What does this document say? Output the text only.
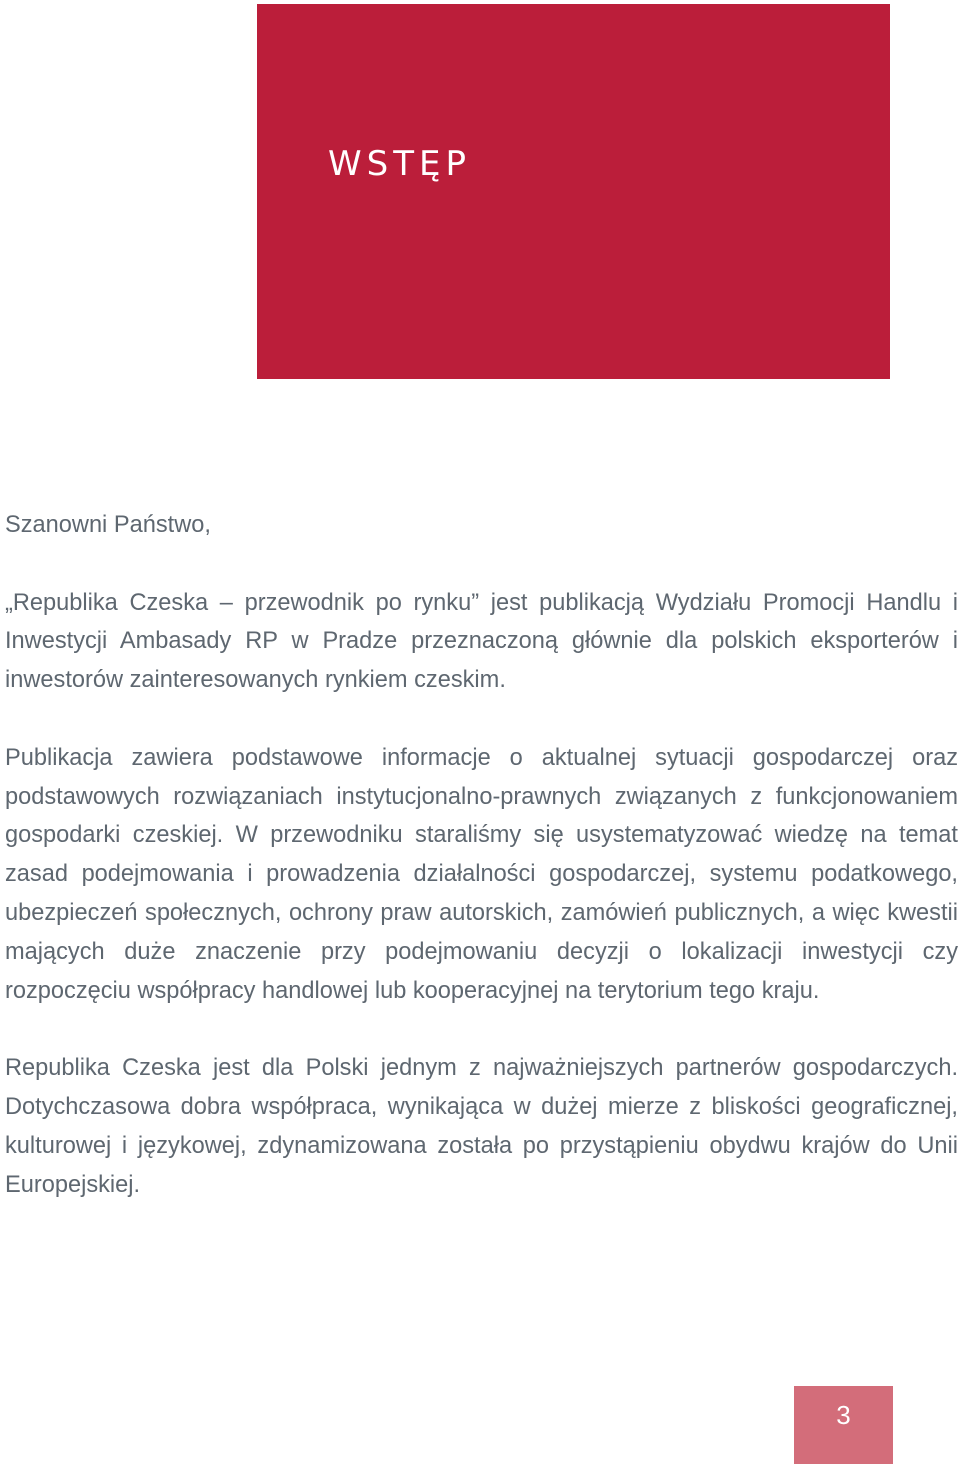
WSTĘP

Szanowni Państwo,

„Republika Czeska – przewodnik po rynku” jest publikacją Wydziału Promocji Handlu i Inwestycji Ambasady RP w Pradze przeznaczoną głównie dla polskich eksporterów i inwestorów zainteresowanych rynkiem czeskim.

Publikacja zawiera podstawowe informacje o aktualnej sytuacji gospodarczej oraz podstawowych rozwiązaniach instytucjonalno-prawnych związanych z funkcjonowaniem gospodarki czeskiej. W przewodniku staraliśmy się usystematyzować wiedzę na temat zasad podejmowania i prowadzenia działalności gospodarczej, systemu podatkowego, ubezpieczeń społecznych, ochrony praw autorskich, zamówień publicznych, a więc kwestii mających duże znaczenie przy podejmowaniu decyzji o lokalizacji inwestycji czy rozpoczęciu współpracy handlowej lub kooperacyjnej na terytorium tego kraju.

Republika Czeska jest dla Polski jednym z najważniejszych partnerów gospodarczych. Dotychczasowa dobra współpraca, wynikająca w dużej mierze z bliskości geograficznej, kulturowej i językowej, zdynamizowana została po przystąpieniu obydwu krajów do Unii Europejskiej.

3
